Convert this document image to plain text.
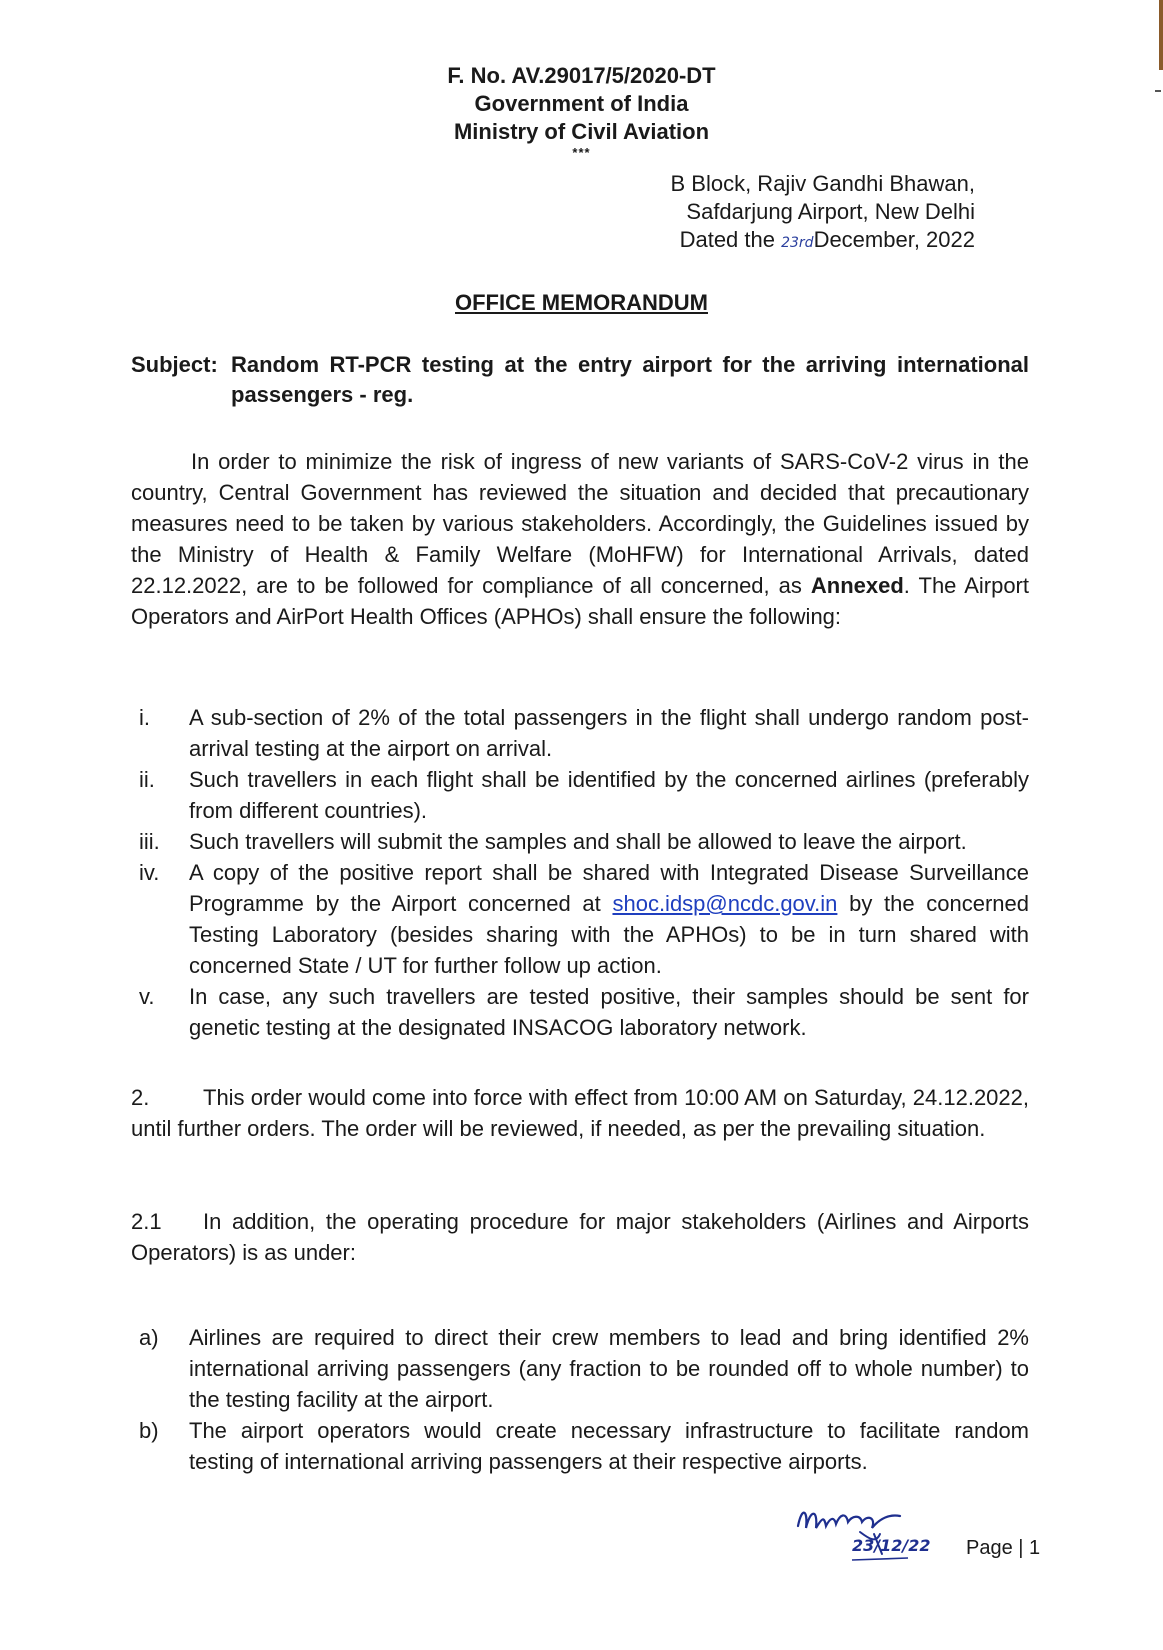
F. No. AV.29017/5/2020-DT
Government of India
Ministry of Civil Aviation
***
B Block, Rajiv Gandhi Bhawan,
Safdarjung Airport, New Delhi
Dated the 23rdDecember, 2022
OFFICE MEMORANDUM
Subject: Random RT-PCR testing at the entry airport for the arriving international passengers - reg.
In order to minimize the risk of ingress of new variants of SARS-CoV-2 virus in the country, Central Government has reviewed the situation and decided that precautionary measures need to be taken by various stakeholders. Accordingly, the Guidelines issued by the Ministry of Health & Family Welfare (MoHFW) for International Arrivals, dated 22.12.2022, are to be followed for compliance of all concerned, as Annexed. The Airport Operators and AirPort Health Offices (APHOs) shall ensure the following:
i.	A sub-section of 2% of the total passengers in the flight shall undergo random post-arrival testing at the airport on arrival.
ii.	Such travellers in each flight shall be identified by the concerned airlines (preferably from different countries).
iii.	Such travellers will submit the samples and shall be allowed to leave the airport.
iv.	A copy of the positive report shall be shared with Integrated Disease Surveillance Programme by the Airport concerned at shoc.idsp@ncdc.gov.in by the concerned Testing Laboratory (besides sharing with the APHOs) to be in turn shared with concerned State / UT for further follow up action.
v.	In case, any such travellers are tested positive, their samples should be sent for genetic testing at the designated INSACOG laboratory network.
2. This order would come into force with effect from 10:00 AM on Saturday, 24.12.2022, until further orders. The order will be reviewed, if needed, as per the prevailing situation.
2.1 In addition, the operating procedure for major stakeholders (Airlines and Airports Operators) is as under:
a)	Airlines are required to direct their crew members to lead and bring identified 2% international arriving passengers (any fraction to be rounded off to whole number) to the testing facility at the airport.
b)	The airport operators would create necessary infrastructure to facilitate random testing of international arriving passengers at their respective airports.
23/12/22 Page | 1
